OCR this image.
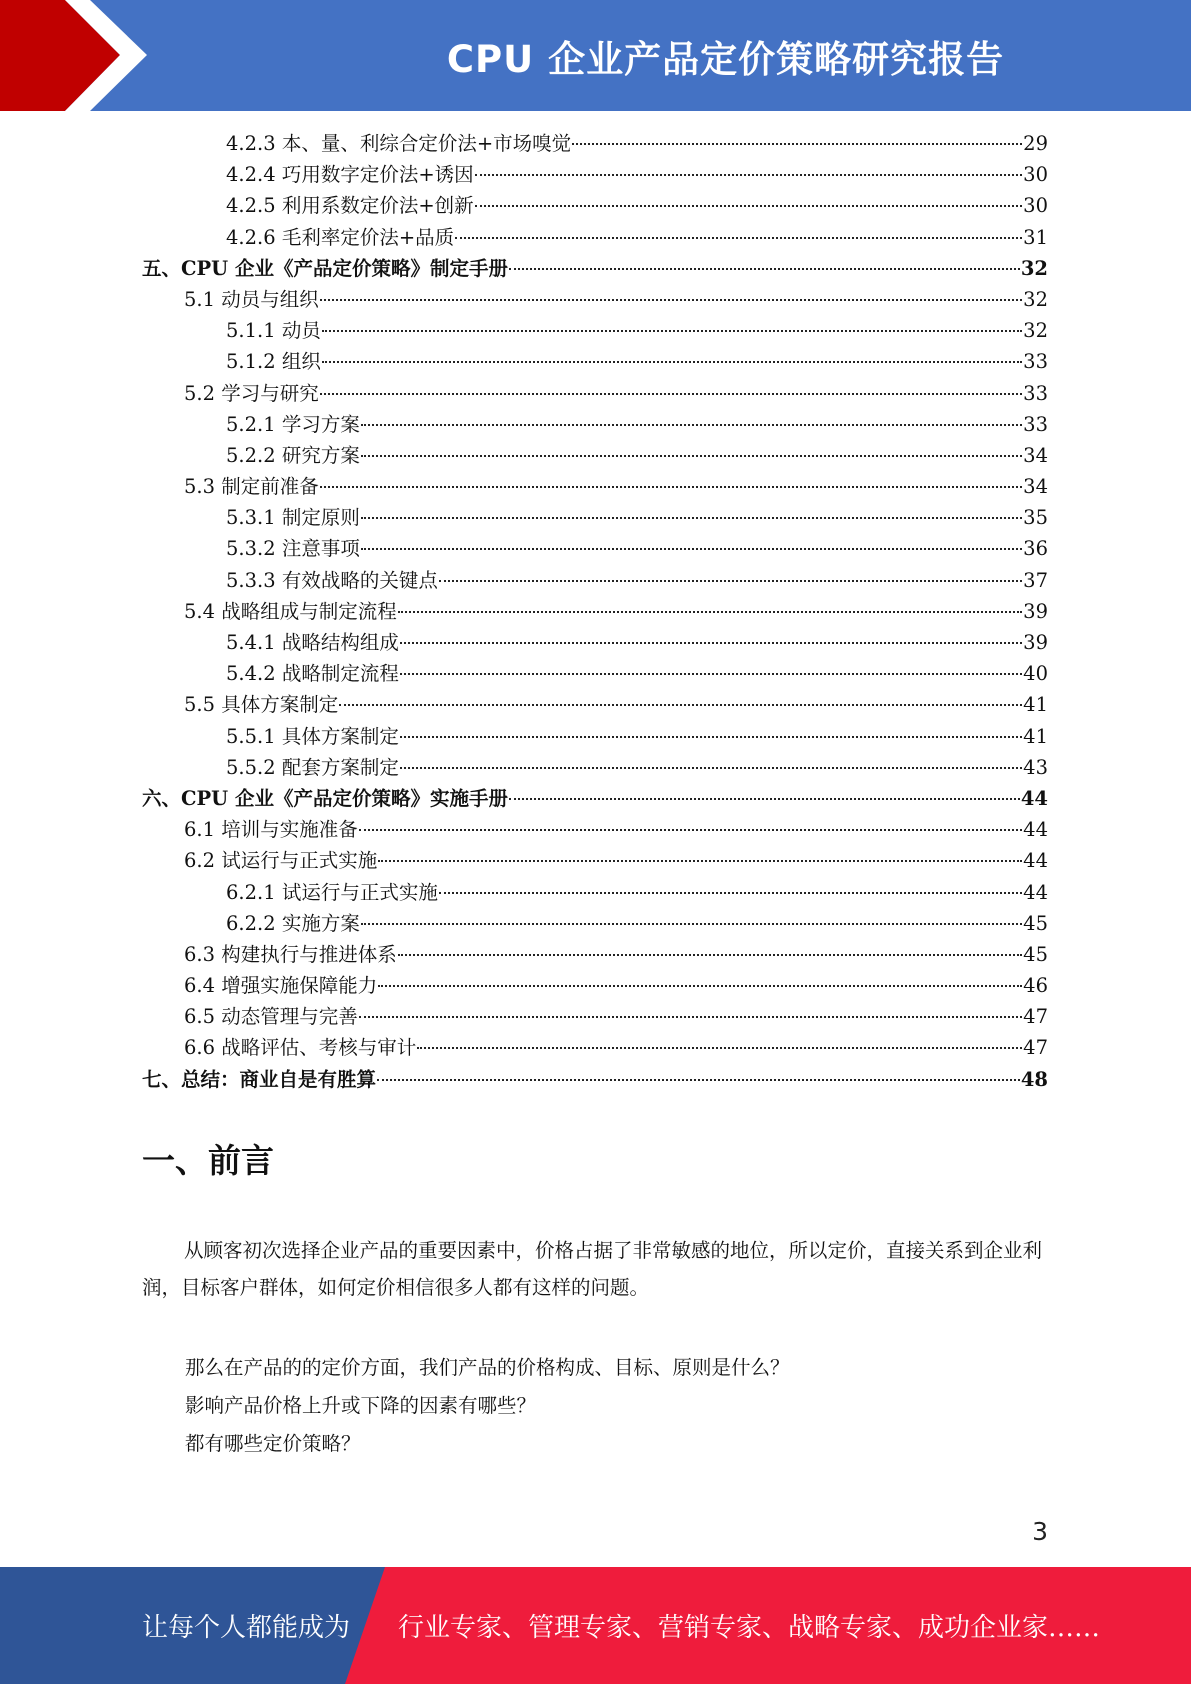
CPU 企业产品定价策略研究报告
4.2.3 本、量、利综合定价法+市场嗅觉	29
4.2.4 巧用数字定价法+诱因	30
4.2.5 利用系数定价法+创新	30
4.2.6 毛利率定价法+品质	31
五、CPU 企业《产品定价策略》制定手册	32
5.1 动员与组织	32
5.1.1 动员	32
5.1.2 组织	33
5.2 学习与研究	33
5.2.1 学习方案	33
5.2.2 研究方案	34
5.3 制定前准备	34
5.3.1 制定原则	35
5.3.2 注意事项	36
5.3.3 有效战略的关键点	37
5.4 战略组成与制定流程	39
5.4.1 战略结构组成	39
5.4.2 战略制定流程	40
5.5 具体方案制定	41
5.5.1 具体方案制定	41
5.5.2 配套方案制定	43
六、CPU 企业《产品定价策略》实施手册	44
6.1 培训与实施准备	44
6.2 试运行与正式实施	44
6.2.1 试运行与正式实施	44
6.2.2 实施方案	45
6.3 构建执行与推进体系	45
6.4 增强实施保障能力	46
6.5 动态管理与完善	47
6.6 战略评估、考核与审计	47
七、总结：商业自是有胜算	48
一、前言
从顾客初次选择企业产品的重要因素中，价格占据了非常敏感的地位，所以定价，直接关系到企业利润，目标客户群体，如何定价相信很多人都有这样的问题。
那么在产品的的定价方面，我们产品的价格构成、目标、原则是什么？
影响产品价格上升或下降的因素有哪些？
都有哪些定价策略？
3
让每个人都能成为 行业专家、管理专家、营销专家、战略专家、成功企业家……
